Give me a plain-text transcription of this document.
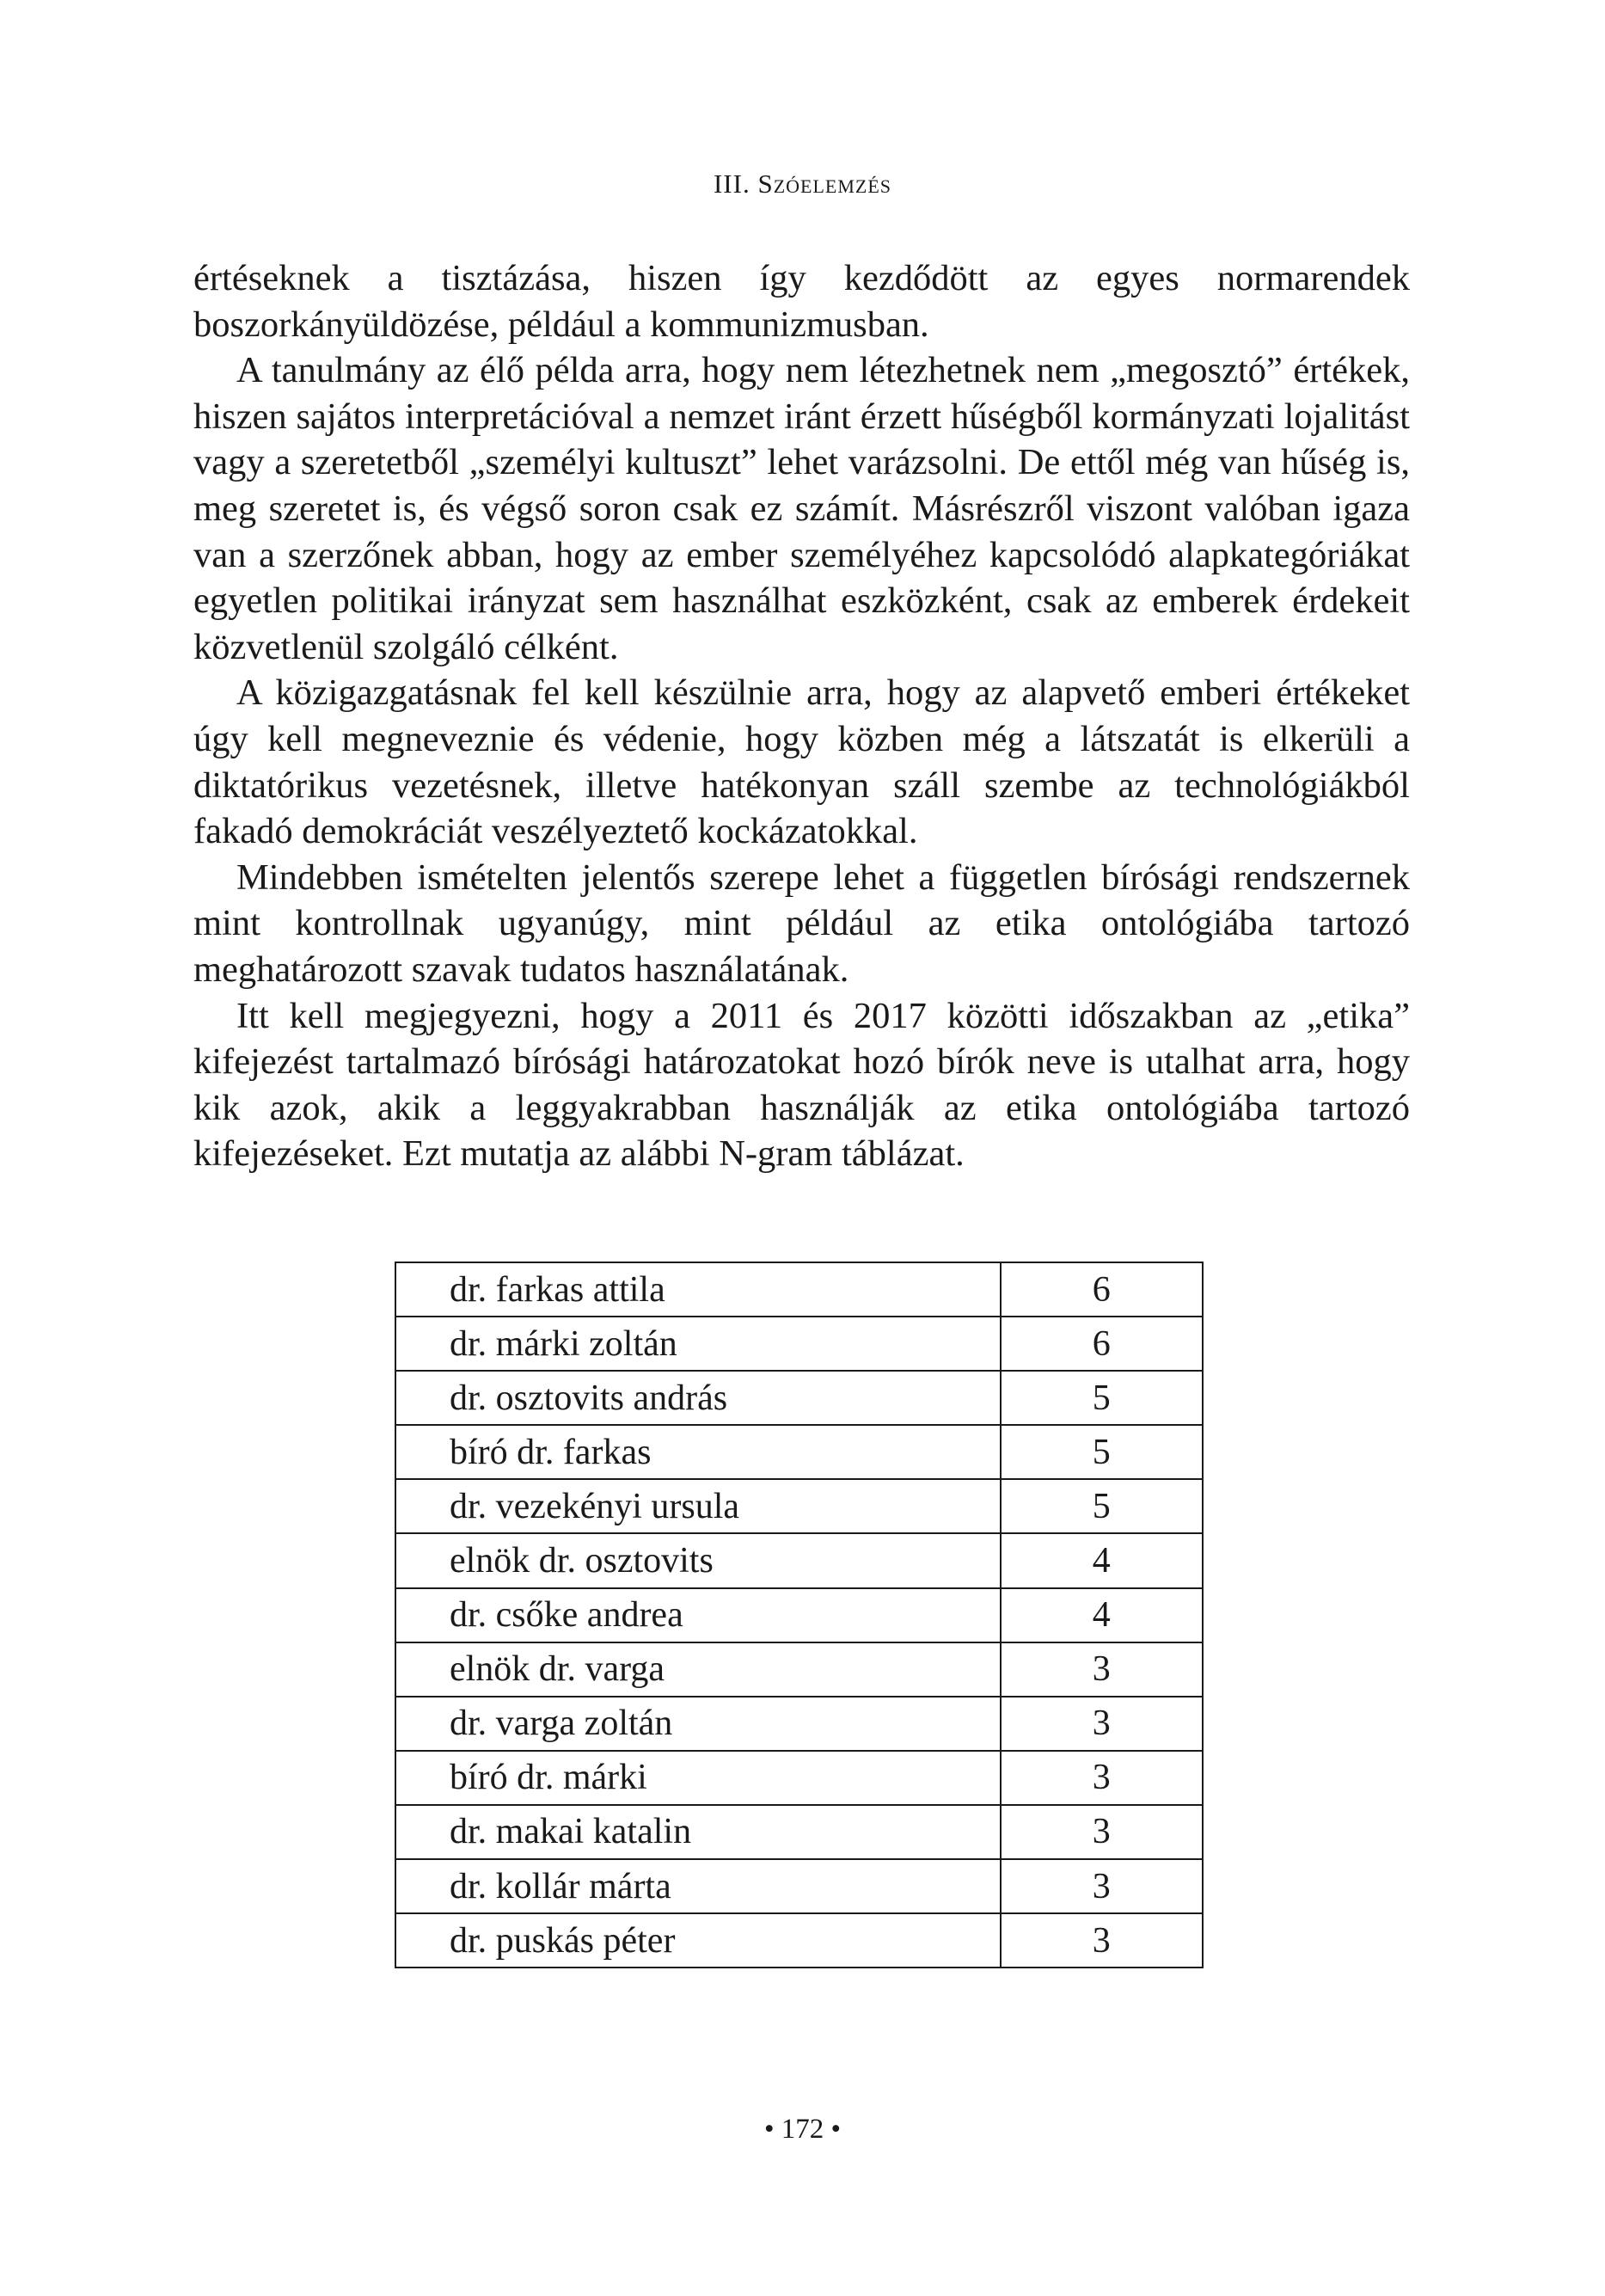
III. Szóelemzés

értéseknek a tisztázása, hiszen így kezdődött az egyes normarendek boszorkányüldözése, például a kommunizmusban.

A tanulmány az élő példa arra, hogy nem létezhetnek nem „megosztó” értékek, hiszen sajátos interpretációval a nemzet iránt érzett hűségből kormányzati lojalitást vagy a szeretetből „személyi kultuszt” lehet varázsolni. De ettől még van hűség is, meg szeretet is, és végső soron csak ez számít. Másrészről viszont valóban igaza van a szerzőnek abban, hogy az ember személyéhez kapcsolódó alapkategóriákat egyetlen politikai irányzat sem használhat eszközként, csak az emberek érdekeit közvetlenül szolgáló célként.

A közigazgatásnak fel kell készülnie arra, hogy az alapvető emberi értékeket úgy kell megneveznie és védenie, hogy közben még a látszatát is elkerüli a diktatórikus vezetésnek, illetve hatékonyan száll szembe az technológiákból fakadó demokráciát veszélyeztető kockázatokkal.

Mindebben ismételten jelentős szerepe lehet a független bírósági rendszernek mint kontrollnak ugyanúgy, mint például az etika ontológiába tartozó meghatározott szavak tudatos használatának.

Itt kell megjegyezni, hogy a 2011 és 2017 közötti időszakban az „etika” kifejezést tartalmazó bírósági határozatokat hozó bírók neve is utalhat arra, hogy kik azok, akik a leggyakrabban használják az etika ontológiába tartozó kifejezéseket. Ezt mutatja az alábbi N-gram táblázat.

dr. farkas attila	6
dr. márki zoltán	6
dr. osztovits andrás	5
bíró dr. farkas	5
dr. vezekényi ursula	5
elnök dr. osztovits	4
dr. csőke andrea	4
elnök dr. varga	3
dr. varga zoltán	3
bíró dr. márki	3
dr. makai katalin	3
dr. kollár márta	3
dr. puskás péter	3
• 172 •
